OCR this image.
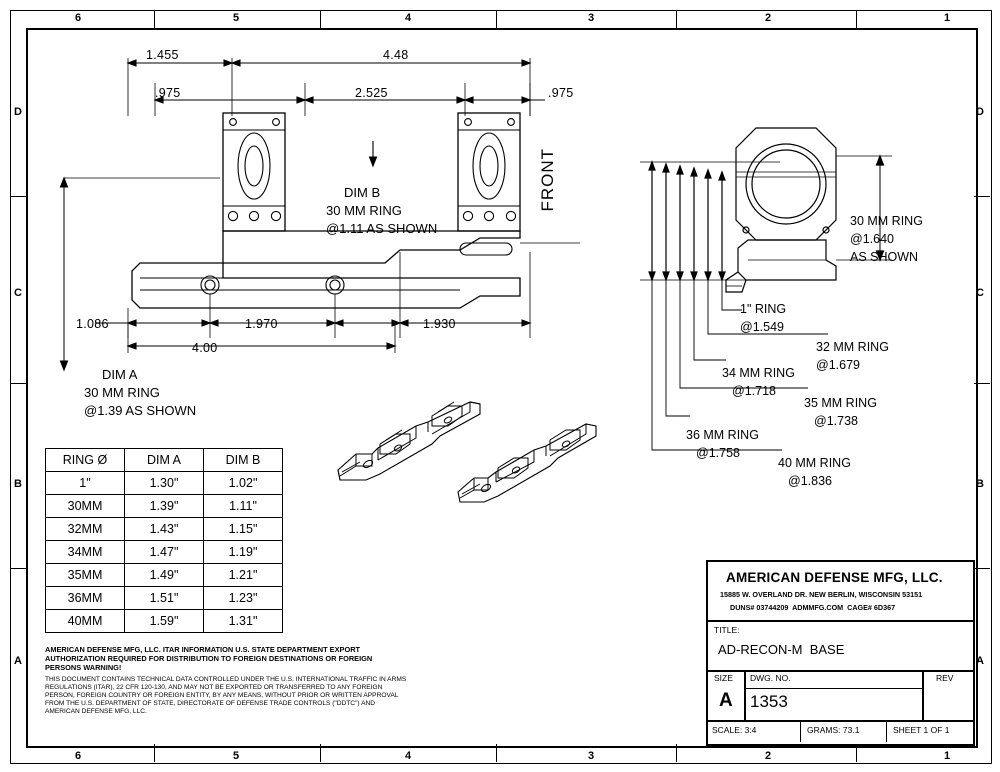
6	5	4	3	2	1
6	5	4	3	2	1
D
C
B
A
D
C
B
A
1.455	4.48
.975	2.525	.975
FRONT
DIM B
30 MM RING
@1.11 AS SHOWN
1.086	1.970	1.930
4.00
DIM A
30 MM RING
@1.39 AS SHOWN
30 MM RING
@1.640
AS SHOWN
1" RING
@1.549
32 MM RING
@1.679
34 MM RING
@1.718
35 MM RING
@1.738
36 MM RING
@1.758
40 MM RING
@1.836
RING Ø	DIM A	DIM B
1"	1.30"	1.02"
30MM	1.39"	1.11"
32MM	1.43"	1.15"
34MM	1.47"	1.19"
35MM	1.49"	1.21"
36MM	1.51"	1.23"
40MM	1.59"	1.31"
AMERICAN DEFENSE MFG, LLC. ITAR INFORMATION U.S. STATE DEPARTMENT EXPORT AUTHORIZATION REQUIRED FOR DISTRIBUTION TO FOREIGN DESTINATIONS OR FOREIGN PERSONS WARNING!
THIS DOCUMENT CONTAINS TECHNICAL DATA CONTROLLED UNDER THE U.S. INTERNATIONAL TRAFFIC IN ARMS REGULATIONS (ITAR), 22 CFR 120-130, AND MAY NOT BE EXPORTED OR TRANSFERRED TO ANY FOREIGN PERSON, FOREIGN COUNTRY OR FOREIGN ENTITY, BY ANY MEANS, WITHOUT PRIOR OR WRITTEN APPROVAL FROM THE U.S. DEPARTMENT OF STATE, DIRECTORATE OF DEFENSE TRADE CONTROLS ("DDTC") AND AMERICAN DEFENSE MFG, LLC.
AMERICAN DEFENSE MFG, LLC.
15885 W. OVERLAND DR. NEW BERLIN, WISCONSIN 53151
DUNS# 03744209  ADMMFG.COM  CAGE# 6D367
TITLE:
AD-RECON-M  BASE
SIZE
A
DWG. NO.
1353
REV
SCALE: 3:4	GRAMS: 73.1	SHEET 1 OF 1
